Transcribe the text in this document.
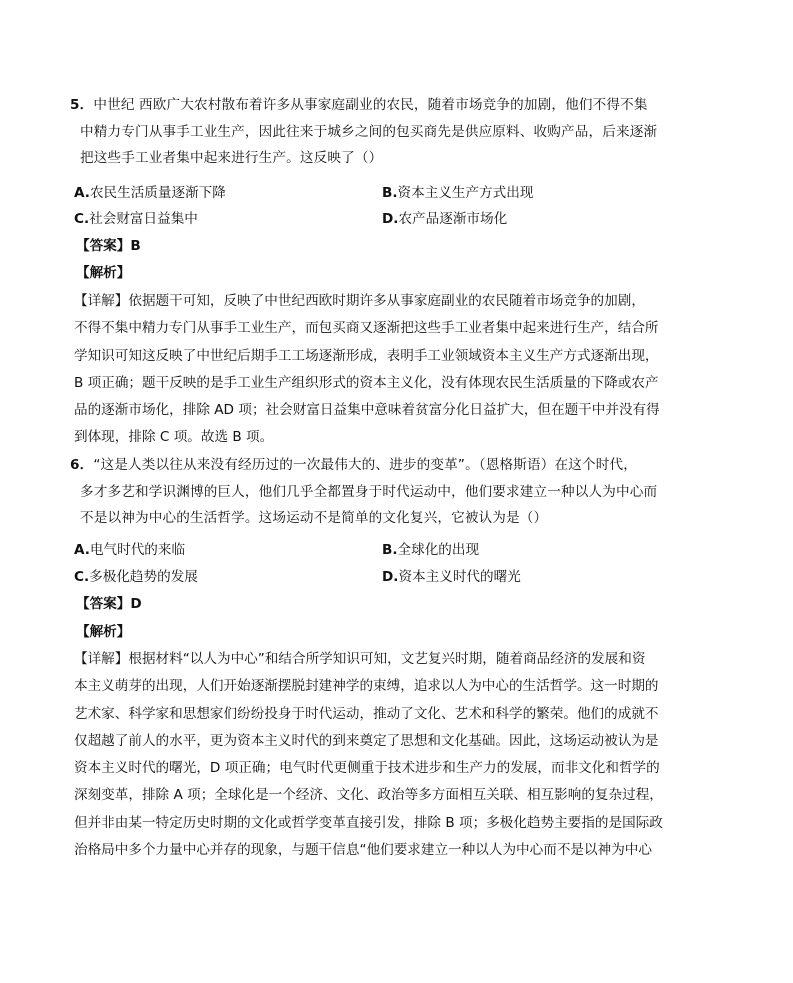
5．中世纪 西欧广大农村散布着许多从事家庭副业的农民，随着市场竞争的加剧，他们不得不集
中精力专门从事手工业生产，因此往来于城乡之间的包买商先是供应原料、收购产品，后来逐渐
把这些手工业者集中起来进行生产。这反映了（）
A.农民生活质量逐渐下降	B.资本主义生产方式出现
C.社会财富日益集中	D.农产品逐渐市场化
【答案】B
【解析】
【详解】依据题干可知，反映了中世纪西欧时期许多从事家庭副业的农民随着市场竞争的加剧，
不得不集中精力专门从事手工业生产，而包买商又逐渐把这些手工业者集中起来进行生产，结合所
学知识可知这反映了中世纪后期手工工场逐渐形成，表明手工业领域资本主义生产方式逐渐出现，
B 项正确；题干反映的是手工业生产组织形式的资本主义化，没有体现农民生活质量的下降或农产
品的逐渐市场化，排除 AD 项；社会财富日益集中意味着贫富分化日益扩大，但在题干中并没有得
到体现，排除 C 项。故选 B 项。
6．“这是人类以往从来没有经历过的一次最伟大的、进步的变革”。（恩格斯语）在这个时代，
多才多艺和学识渊博的巨人，他们几乎全都置身于时代运动中，他们要求建立一种以人为中心而
不是以神为中心的生活哲学。这场运动不是简单的文化复兴，它被认为是（）
A.电气时代的来临	B.全球化的出现
C.多极化趋势的发展	D.资本主义时代的曙光
【答案】D
【解析】
【详解】根据材料“以人为中心”和结合所学知识可知，文艺复兴时期，随着商品经济的发展和资
本主义萌芽的出现，人们开始逐渐摆脱封建神学的束缚，追求以人为中心的生活哲学。这一时期的
艺术家、科学家和思想家们纷纷投身于时代运动，推动了文化、艺术和科学的繁荣。他们的成就不
仅超越了前人的水平，更为资本主义时代的到来奠定了思想和文化基础。因此，这场运动被认为是
资本主义时代的曙光，D 项正确；电气时代更侧重于技术进步和生产力的发展，而非文化和哲学的
深刻变革，排除 A 项；全球化是一个经济、文化、政治等多方面相互关联、相互影响的复杂过程，
但并非由某一特定历史时期的文化或哲学变革直接引发，排除 B 项；多极化趋势主要指的是国际政
治格局中多个力量中心并存的现象，与题干信息“他们要求建立一种以人为中心而不是以神为中心
